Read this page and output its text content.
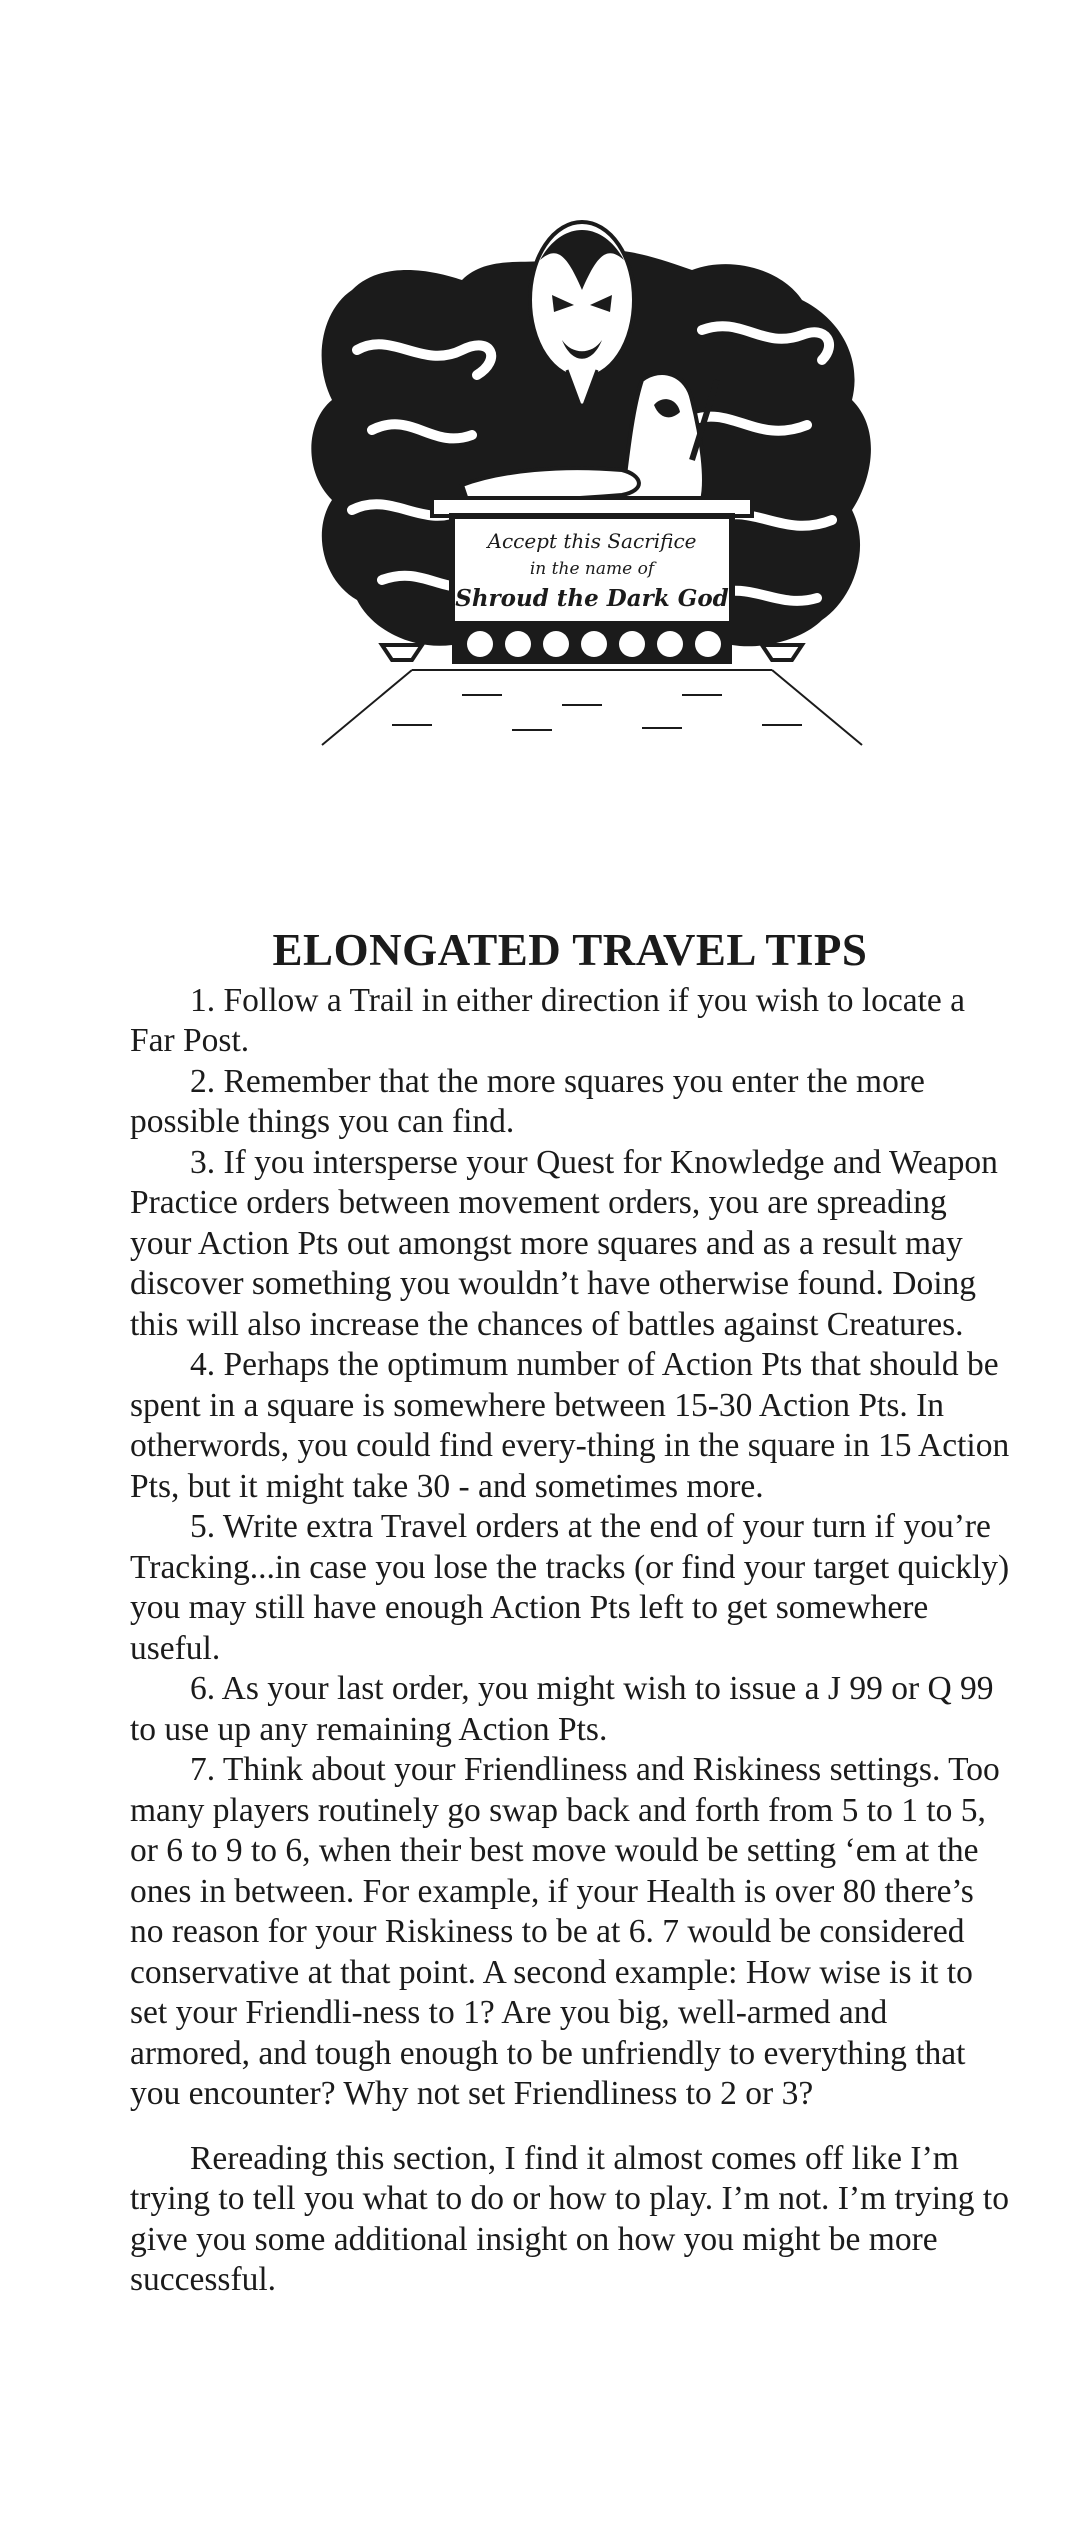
Accept this Sacrifice
in the name of
Shroud the Dark God
ELONGATED TRAVEL TIPS

1. Follow a Trail in either direction if you wish to locate a Far Post.

2. Remember that the more squares you enter the more possible things you can find.

3. If you intersperse your Quest for Knowledge and Weapon Practice orders between movement orders, you are spreading your Action Pts out amongst more squares and as a result may discover something you wouldn’t have otherwise found. Doing this will also increase the chances of battles against Creatures.

4. Perhaps the optimum number of Action Pts that should be spent in a square is somewhere between 15-30 Action Pts. In otherwords, you could find every-thing in the square in 15 Action Pts, but it might take 30 - and sometimes more.

5. Write extra Travel orders at the end of your turn if you’re Tracking...in case you lose the tracks (or find your target quickly) you may still have enough Action Pts left to get somewhere useful.

6. As your last order, you might wish to issue a J 99 or Q 99 to use up any remaining Action Pts.

7. Think about your Friendliness and Riskiness settings. Too many players routinely go swap back and forth from 5 to 1 to 5, or 6 to 9 to 6, when their best move would be setting ‘em at the ones in between. For example, if your Health is over 80 there’s no reason for your Riskiness to be at 6. 7 would be considered conservative at that point. A second example: How wise is it to set your Friendli-ness to 1? Are you big, well-armed and armored, and tough enough to be unfriendly to everything that you encounter? Why not set Friendliness to 2 or 3?

Rereading this section, I find it almost comes off like I’m trying to tell you what to do or how to play. I’m not. I’m trying to give you some additional insight on how you might be more successful.
